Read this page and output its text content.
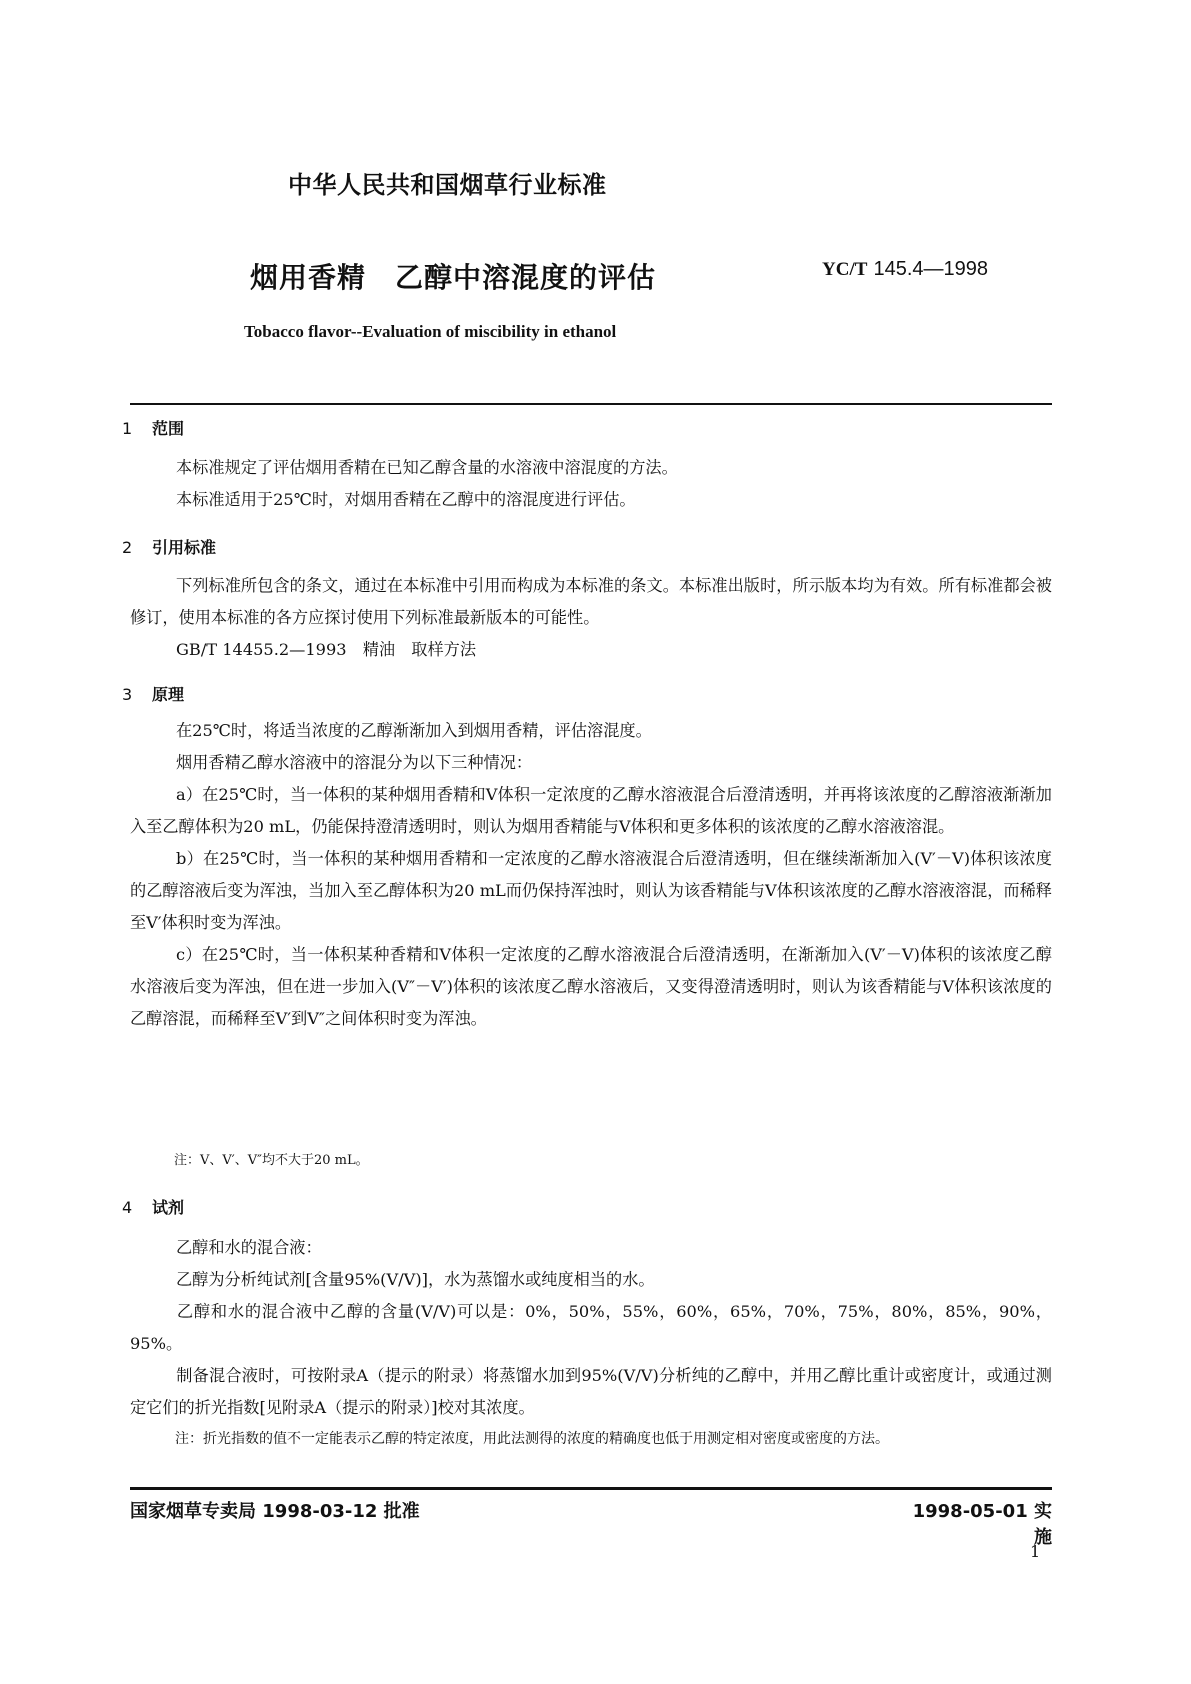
中华人民共和国烟草行业标准
烟用香精　乙醇中溶混度的评估	YC/T 145.4—1998
Tobacco flavor--Evaluation of miscibility in ethanol
1 范围
本标准规定了评估烟用香精在已知乙醇含量的水溶液中溶混度的方法。
本标准适用于25℃时，对烟用香精在乙醇中的溶混度进行评估。
2 引用标准
下列标准所包含的条文，通过在本标准中引用而构成为本标准的条文。本标准出版时，所示版本均为有效。所有标准都会被修订，使用本标准的各方应探讨使用下列标准最新版本的可能性。
GB/T 14455.2—1993　精油　取样方法
3 原理
在25℃时，将适当浓度的乙醇渐渐加入到烟用香精，评估溶混度。
烟用香精乙醇水溶液中的溶混分为以下三种情况：
a）在25℃时，当一体积的某种烟用香精和V体积一定浓度的乙醇水溶液混合后澄清透明，并再将该浓度的乙醇溶液渐渐加入至乙醇体积为20 mL，仍能保持澄清透明时，则认为烟用香精能与V体积和更多体积的该浓度的乙醇水溶液溶混。
b）在25℃时，当一体积的某种烟用香精和一定浓度的乙醇水溶液混合后澄清透明，但在继续渐渐加入(V′－V)体积该浓度的乙醇溶液后变为浑浊，当加入至乙醇体积为20 mL而仍保持浑浊时，则认为该香精能与V体积该浓度的乙醇水溶液溶混，而稀释至V′体积时变为浑浊。
c）在25℃时，当一体积某种香精和V体积一定浓度的乙醇水溶液混合后澄清透明，在渐渐加入(V′－V)体积的该浓度乙醇水溶液后变为浑浊，但在进一步加入(V″－V′)体积的该浓度乙醇水溶液后，又变得澄清透明时，则认为该香精能与V体积该浓度的乙醇溶混，而稀释至V′到V″之间体积时变为浑浊。
注：V、V′、V″均不大于20 mL。
4 试剂
乙醇和水的混合液：
乙醇为分析纯试剂[含量95%(V/V)]，水为蒸馏水或纯度相当的水。
乙醇和水的混合液中乙醇的含量(V/V)可以是：0%，50%，55%，60%，65%，70%，75%，80%，85%，90%，95%。
制备混合液时，可按附录A（提示的附录）将蒸馏水加到95%(V/V)分析纯的乙醇中，并用乙醇比重计或密度计，或通过测定它们的折光指数[见附录A（提示的附录）]校对其浓度。
注：折光指数的值不一定能表示乙醇的特定浓度，用此法测得的浓度的精确度也低于用测定相对密度或密度的方法。
国家烟草专卖局 1998-03-12 批准	1998-05-01 实施
1
